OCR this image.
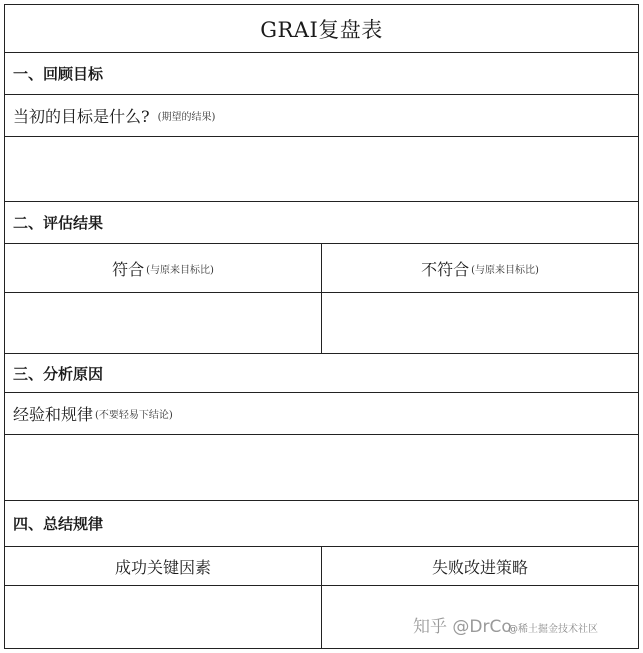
GRAI复盘表
一、回顾目标
当初的目标是什么? (期望的结果)
二、评估结果
符合 (与原来目标比)	不符合 (与原来目标比)
三、分析原因
经验和规律 (不要轻易下结论)
四、总结规律
成功关键因素	失败改进策略
知乎 @DrCo
@稀土掘金技术社区
